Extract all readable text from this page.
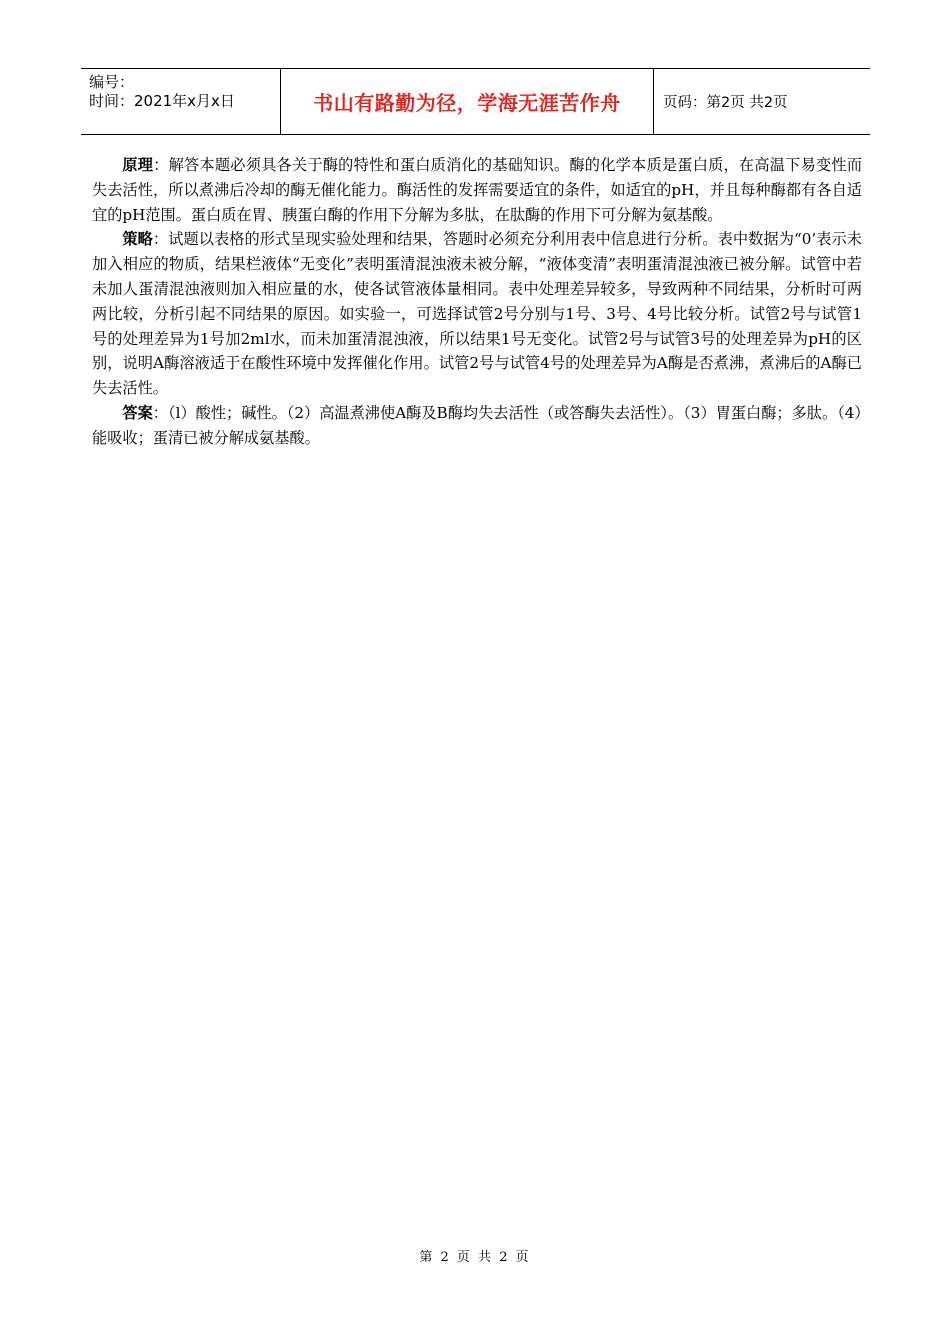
编号：
时间：2021年x月x日	书山有路勤为径，学海无涯苦作舟	页码：第2页 共2页

原理：解答本题必须具各关于酶的特性和蛋白质消化的基础知识。酶的化学本质是蛋白质，在高温下易变性而失去活性，所以煮沸后冷却的酶无催化能力。酶活性的发挥需要适宜的条件，如适宜的pH，并且每种酶都有各自适宜的pH范围。蛋白质在胃、胰蛋白酶的作用下分解为多肽，在肽酶的作用下可分解为氨基酸。

策略：试题以表格的形式呈现实验处理和结果，答题时必须充分利用表中信息进行分析。表中数据为“0’表示未加入相应的物质，结果栏液体“无变化”表明蛋清混浊液未被分解，“液体变清”表明蛋清混浊液已被分解。试管中若未加人蛋清混浊液则加入相应量的水，使各试管液体量相同。表中处理差异较多，导致两种不同结果，分析时可两两比较，分析引起不同结果的原因。如实验一，可选择试管2号分别与1号、3号、4号比较分析。试管2号与试管1号的处理差异为1号加2ml水，而未加蛋清混浊液，所以结果1号无变化。试管2号与试管3号的处理差异为pH的区别，说明A酶溶液适于在酸性环境中发挥催化作用。试管2号与试管4号的处理差异为A酶是否煮沸，煮沸后的A酶已失去活性。

答案：（l）酸性；碱性。（2）高温煮沸使A酶及B酶均失去活性（或答酶失去活性）。（3）胃蛋白酶；多肽。（4）能吸收；蛋清已被分解成氨基酸。

第 2 页 共 2 页
